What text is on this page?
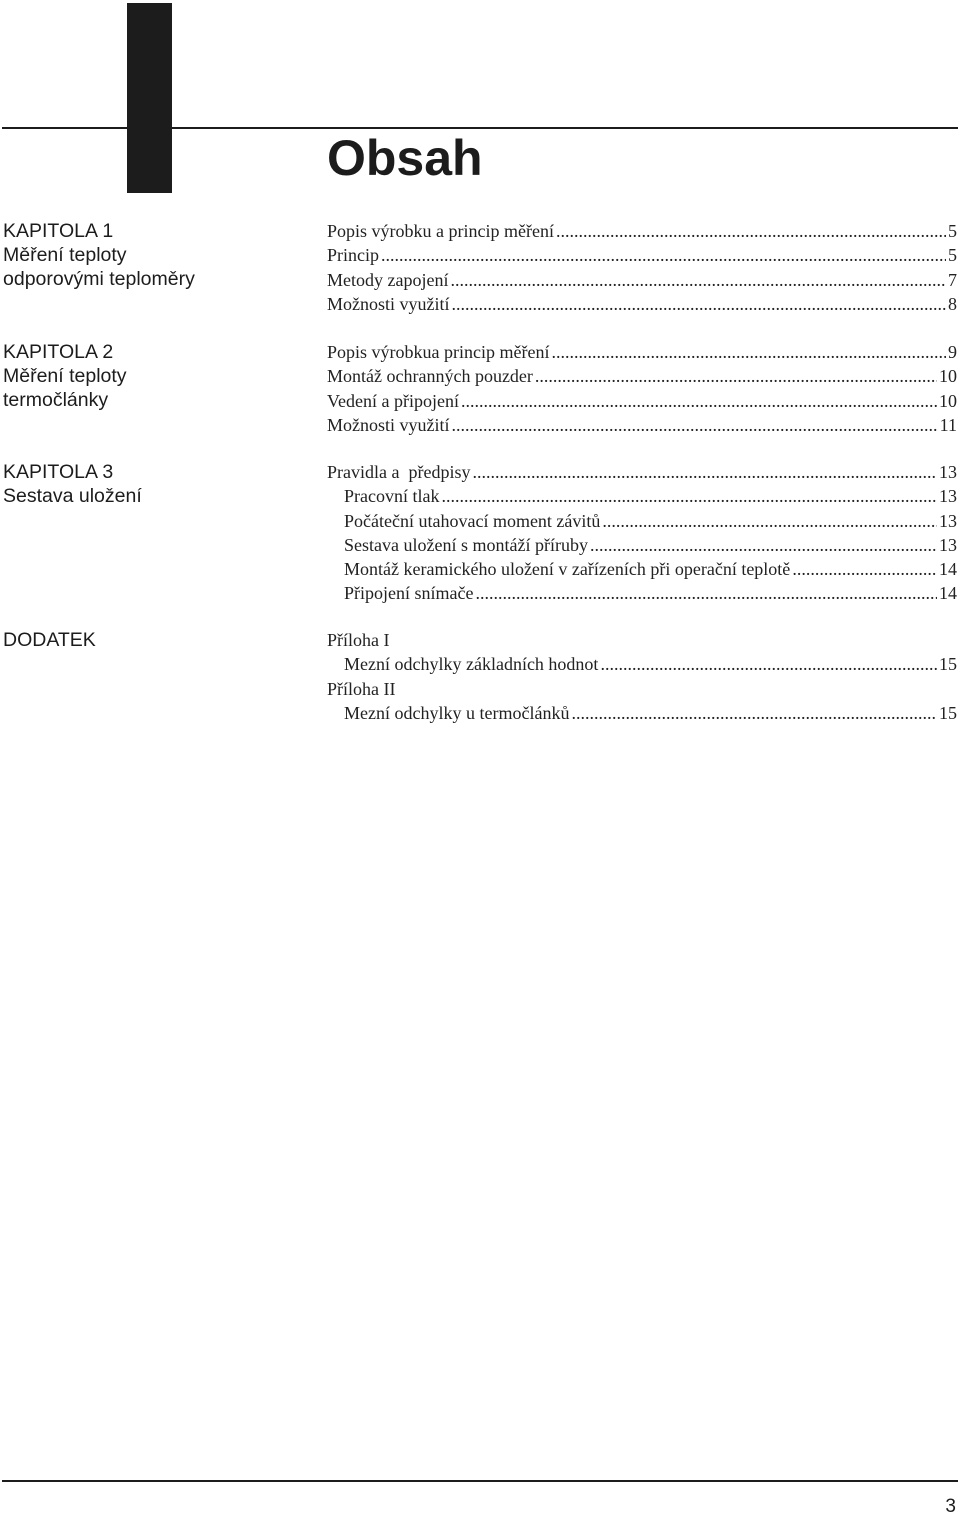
Obsah
KAPITOLA 1
Měření teploty
odporovými teploměry
Popis výrobku a princip měření .....	5
Princip .....	5
Metody zapojení .....	7
Možnosti využití .....	8
KAPITOLA 2
Měření teploty
termočlánky
Popis výrobkua princip měření .....	9
Montáž ochranných pouzder .....	10
Vedení a připojení .....	10
Možnosti využití .....	11
KAPITOLA 3
Sestava uložení
Pravidla a  předpisy .....	13
Pracovní tlak .....	13
Počáteční utahovací moment závitů .....	13
Sestava uložení s montáží příruby .....	13
Montáž keramického uložení v zařízeních při operační teplotě .....	14
Připojení snímače .....	14
DODATEK	Příloha I
Mezní odchylky základních hodnot .....	15
Příloha II
Mezní odchylky u termočlánků .....	15
3
